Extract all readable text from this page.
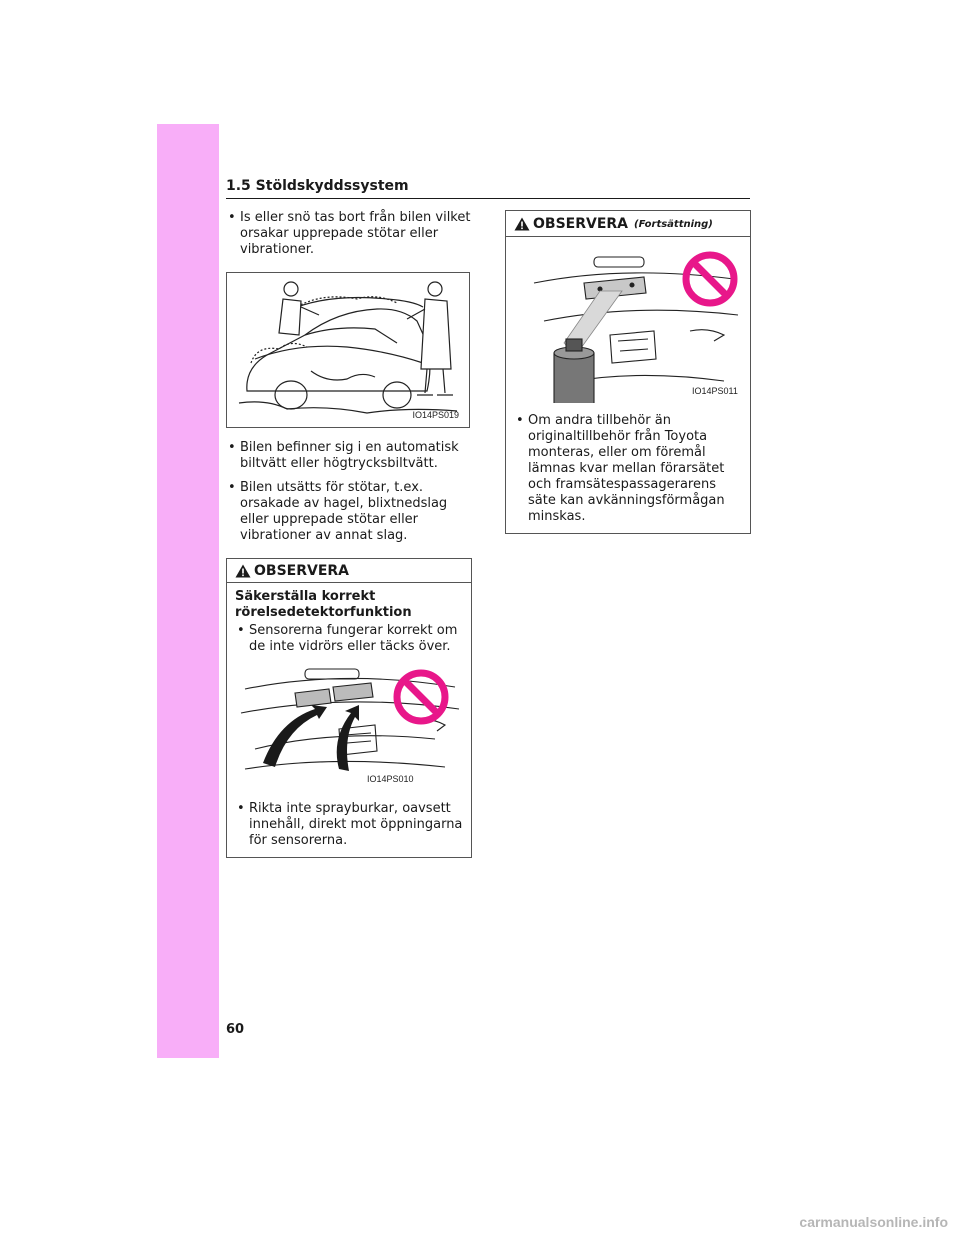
1.5 Stöldskyddssystem
• Is eller snö tas bort från bilen vilket orsakar upprepade stötar eller vibrationer.
IO14PS019
• Bilen befinner sig i en automatisk biltvätt eller högtrycksbiltvätt.
• Bilen utsätts för stötar, t.ex. orsakade av hagel, blixtnedslag eller upprepade stötar eller vibrationer av annat slag.
OBSERVERA
Säkerställa korrekt rörelsedetektorfunktion
• Sensorerna fungerar korrekt om de inte vidrörs eller täcks över.
IO14PS010
• Rikta inte sprayburkar, oavsett innehåll, direkt mot öppningarna för sensorerna.
OBSERVERA (Fortsättning)
IO14PS011
• Om andra tillbehör än originaltillbehör från Toyota monteras, eller om föremål lämnas kvar mellan förarsätet och framsätespassagerarens säte kan avkänningsförmågan minskas.
60
carmanualsonline.info
